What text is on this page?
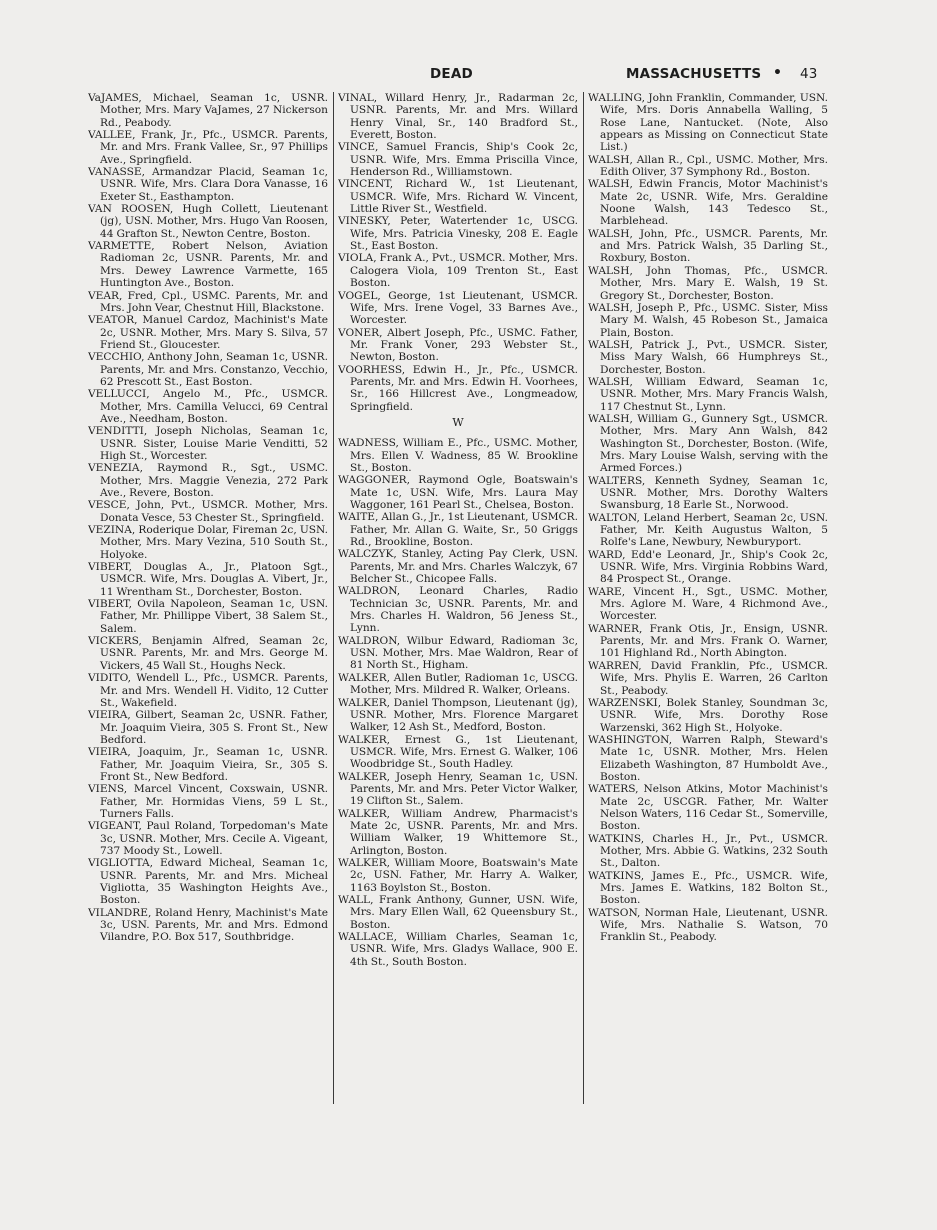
DEAD	MASSACHUSETTS • 43

VaJAMES, Michael, Seaman 1c, USNR. Mother, Mrs. Mary VaJames, 27 Nickerson Rd., Peabody.

VALLEE, Frank, Jr., Pfc., USMCR. Parents, Mr. and Mrs. Frank Vallee, Sr., 97 Phillips Ave., Springfield.

VANASSE, Armandzar Placid, Seaman 1c, USNR. Wife, Mrs. Clara Dora Vanasse, 16 Exeter St., Easthampton.

VAN ROOSEN, Hugh Collett, Lieutenant (jg), USN. Mother, Mrs. Hugo Van Roosen, 44 Grafton St., Newton Centre, Boston.

VARMETTE, Robert Nelson, Aviation Radioman 2c, USNR. Parents, Mr. and Mrs. Dewey Lawrence Varmette, 165 Huntington Ave., Boston.

VEAR, Fred, Cpl., USMC. Parents, Mr. and Mrs. John Vear, Chestnut Hill, Blackstone.

VEATOR, Manuel Cardoz, Machinist's Mate 2c, USNR. Mother, Mrs. Mary S. Silva, 57 Friend St., Gloucester.

VECCHIO, Anthony John, Seaman 1c, USNR. Parents, Mr. and Mrs. Constanzo, Vecchio, 62 Prescott St., East Boston.

VELLUCCI, Angelo M., Pfc., USMCR. Mother, Mrs. Camilla Velucci, 69 Central Ave., Needham, Boston.

VENDITTI, Joseph Nicholas, Seaman 1c, USNR. Sister, Louise Marie Venditti, 52 High St., Worcester.

VENEZIA, Raymond R., Sgt., USMC. Mother, Mrs. Maggie Venezia, 272 Park Ave., Revere, Boston.

VESCE, John, Pvt., USMCR. Mother, Mrs. Donata Vesce, 53 Chester St., Springfield.

VEZINA, Roderique Dolar, Fireman 2c, USN. Mother, Mrs. Mary Vezina, 510 South St., Holyoke.

VIBERT, Douglas A., Jr., Platoon Sgt., USMCR. Wife, Mrs. Douglas A. Vibert, Jr., 11 Wrentham St., Dorchester, Boston.

VIBERT, Ovila Napoleon, Seaman 1c, USN. Father, Mr. Phillippe Vibert, 38 Salem St., Salem.

VICKERS, Benjamin Alfred, Seaman 2c, USNR. Parents, Mr. and Mrs. George M. Vickers, 45 Wall St., Houghs Neck.

VIDITO, Wendell L., Pfc., USMCR. Parents, Mr. and Mrs. Wendell H. Vidito, 12 Cutter St., Wakefield.

VIEIRA, Gilbert, Seaman 2c, USNR. Father, Mr. Joaquim Vieira, 305 S. Front St., New Bedford.

VIEIRA, Joaquim, Jr., Seaman 1c, USNR. Father, Mr. Joaquim Vieira, Sr., 305 S. Front St., New Bedford.

VIENS, Marcel Vincent, Coxswain, USNR. Father, Mr. Hormidas Viens, 59 L St., Turners Falls.

VIGEANT, Paul Roland, Torpedoman's Mate 3c, USNR. Mother, Mrs. Cecile A. Vigeant, 737 Moody St., Lowell.

VIGLIOTTA, Edward Micheal, Seaman 1c, USNR. Parents, Mr. and Mrs. Micheal Vigliotta, 35 Washington Heights Ave., Boston.

VILANDRE, Roland Henry, Machinist's Mate 3c, USN. Parents, Mr. and Mrs. Edmond Vilandre, P.O. Box 517, Southbridge.

VINAL, Willard Henry, Jr., Radarman 2c, USNR. Parents, Mr. and Mrs. Willard Henry Vinal, Sr., 140 Bradford St., Everett, Boston.

VINCE, Samuel Francis, Ship's Cook 2c, USNR. Wife, Mrs. Emma Priscilla Vince, Henderson Rd., Williamstown.

VINCENT, Richard W., 1st Lieutenant, USMCR. Wife, Mrs. Richard W. Vincent, Little River St., Westfield.

VINESKY, Peter, Watertender 1c, USCG. Wife, Mrs. Patricia Vinesky, 208 E. Eagle St., East Boston.

VIOLA, Frank A., Pvt., USMCR. Mother, Mrs. Calogera Viola, 109 Trenton St., East Boston.

VOGEL, George, 1st Lieutenant, USMCR. Wife, Mrs. Irene Vogel, 33 Barnes Ave., Worcester.

VONER, Albert Joseph, Pfc., USMC. Father, Mr. Frank Voner, 293 Webster St., Newton, Boston.

VOORHESS, Edwin H., Jr., Pfc., USMCR. Parents, Mr. and Mrs. Edwin H. Voorhees, Sr., 166 Hillcrest Ave., Longmeadow, Springfield.

W

WADNESS, William E., Pfc., USMC. Mother, Mrs. Ellen V. Wadness, 85 W. Brookline St., Boston.

WAGGONER, Raymond Ogle, Boatswain's Mate 1c, USN. Wife, Mrs. Laura May Waggoner, 161 Pearl St., Chelsea, Boston.

WAITE, Allan G., Jr., 1st Lieutenant, USMCR. Father, Mr. Allan G. Waite, Sr., 50 Griggs Rd., Brookline, Boston.

WALCZYK, Stanley, Acting Pay Clerk, USN. Parents, Mr. and Mrs. Charles Walczyk, 67 Belcher St., Chicopee Falls.

WALDRON, Leonard Charles, Radio Technician 3c, USNR. Parents, Mr. and Mrs. Charles H. Waldron, 56 Jeness St., Lynn.

WALDRON, Wilbur Edward, Radioman 3c, USN. Mother, Mrs. Mae Waldron, Rear of 81 North St., Higham.

WALKER, Allen Butler, Radioman 1c, USCG. Mother, Mrs. Mildred R. Walker, Orleans.

WALKER, Daniel Thompson, Lieutenant (jg), USNR. Mother, Mrs. Florence Margaret Walker, 12 Ash St., Medford, Boston.

WALKER, Ernest G., 1st Lieutenant, USMCR. Wife, Mrs. Ernest G. Walker, 106 Woodbridge St., South Hadley.

WALKER, Joseph Henry, Seaman 1c, USN. Parents, Mr. and Mrs. Peter Victor Walker, 19 Clifton St., Salem.

WALKER, William Andrew, Pharmacist's Mate 2c, USNR. Parents, Mr. and Mrs. William Walker, 19 Whittemore St., Arlington, Boston.

WALKER, William Moore, Boatswain's Mate 2c, USN. Father, Mr. Harry A. Walker, 1163 Boylston St., Boston.

WALL, Frank Anthony, Gunner, USN. Wife, Mrs. Mary Ellen Wall, 62 Queensbury St., Boston.

WALLACE, William Charles, Seaman 1c, USNR. Wife, Mrs. Gladys Wallace, 900 E. 4th St., South Boston.

WALLING, John Franklin, Commander, USN. Wife, Mrs. Doris Annabella Walling, 5 Rose Lane, Nantucket. (Note, Also appears as Missing on Connecticut State List.)

WALSH, Allan R., Cpl., USMC. Mother, Mrs. Edith Oliver, 37 Symphony Rd., Boston.

WALSH, Edwin Francis, Motor Machinist's Mate 2c, USNR. Wife, Mrs. Geraldine Noone Walsh, 143 Tedesco St., Marblehead.

WALSH, John, Pfc., USMCR. Parents, Mr. and Mrs. Patrick Walsh, 35 Darling St., Roxbury, Boston.

WALSH, John Thomas, Pfc., USMCR. Mother, Mrs. Mary E. Walsh, 19 St. Gregory St., Dorchester, Boston.

WALSH, Joseph P., Pfc., USMC. Sister, Miss Mary M. Walsh, 45 Robeson St., Jamaica Plain, Boston.

WALSH, Patrick J., Pvt., USMCR. Sister, Miss Mary Walsh, 66 Humphreys St., Dorchester, Boston.

WALSH, William Edward, Seaman 1c, USNR. Mother, Mrs. Mary Francis Walsh, 117 Chestnut St., Lynn.

WALSH, William G., Gunnery Sgt., USMCR. Mother, Mrs. Mary Ann Walsh, 842 Washington St., Dorchester, Boston. (Wife, Mrs. Mary Louise Walsh, serving with the Armed Forces.)

WALTERS, Kenneth Sydney, Seaman 1c, USNR. Mother, Mrs. Dorothy Walters Swansburg, 18 Earle St., Norwood.

WALTON, Leland Herbert, Seaman 2c, USN. Father, Mr. Keith Augustus Walton, 5 Rolfe's Lane, Newbury, Newburyport.

WARD, Edd'e Leonard, Jr., Ship's Cook 2c, USNR. Wife, Mrs. Virginia Robbins Ward, 84 Prospect St., Orange.

WARE, Vincent H., Sgt., USMC. Mother, Mrs. Aglore M. Ware, 4 Richmond Ave., Worcester.

WARNER, Frank Otis, Jr., Ensign, USNR. Parents, Mr. and Mrs. Frank O. Warner, 101 Highland Rd., North Abington.

WARREN, David Franklin, Pfc., USMCR. Wife, Mrs. Phylis E. Warren, 26 Carlton St., Peabody.

WARZENSKI, Bolek Stanley, Soundman 3c, USNR. Wife, Mrs. Dorothy Rose Warzenski, 362 High St., Holyoke.

WASHINGTON, Warren Ralph, Steward's Mate 1c, USNR. Mother, Mrs. Helen Elizabeth Washington, 87 Humboldt Ave., Boston.

WATERS, Nelson Atkins, Motor Machinist's Mate 2c, USCGR. Father, Mr. Walter Nelson Waters, 116 Cedar St., Somerville, Boston.

WATKINS, Charles H., Jr., Pvt., USMCR. Mother, Mrs. Abbie G. Watkins, 232 South St., Dalton.

WATKINS, James E., Pfc., USMCR. Wife, Mrs. James E. Watkins, 182 Bolton St., Boston.

WATSON, Norman Hale, Lieutenant, USNR. Wife, Mrs. Nathalie S. Watson, 70 Franklin St., Peabody.
